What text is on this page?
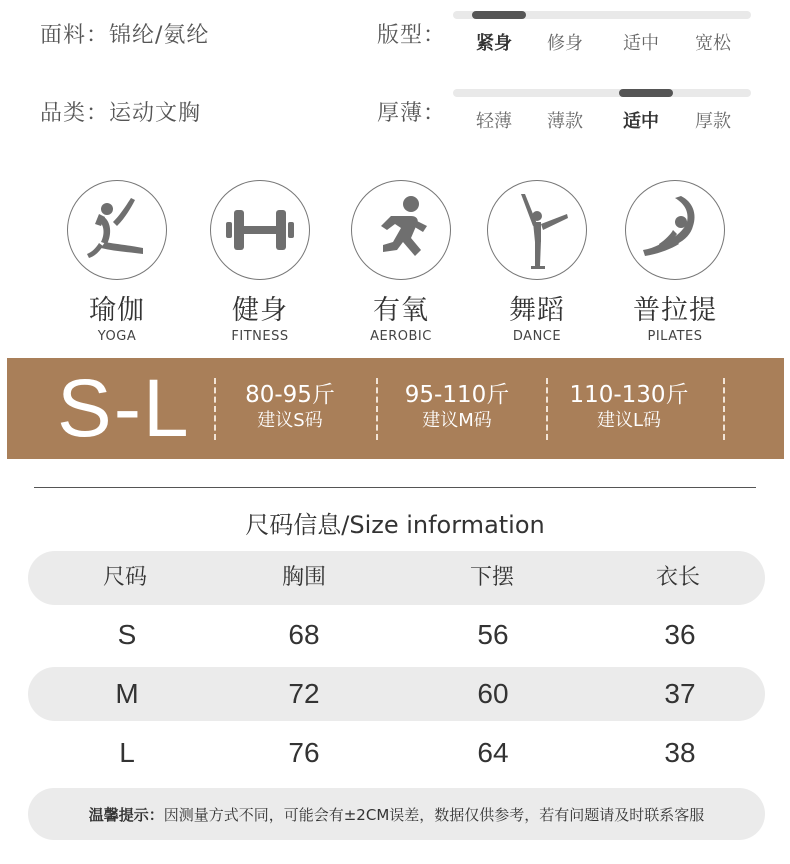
面料：锦纶/氨纶
品类：运动文胸
版型： 紧身 修身 适中 宽松
厚薄： 轻薄 薄款 适中 厚款
瑜伽
YOGA
健身
FITNESS
有氧
AEROBIC
舞蹈
DANCE
普拉提
PILATES
S-L	80-95斤
建议S码
95-110斤
建议M码
110-130斤
建议L码
尺码信息/Size information
尺码	胸围	下摆	衣长
S	68	56	36
M	72	60	37
L	76	64	38
温馨提示： 因测量方式不同，可能会有±2CM误差，数据仅供参考，若有问题请及时联系客服
